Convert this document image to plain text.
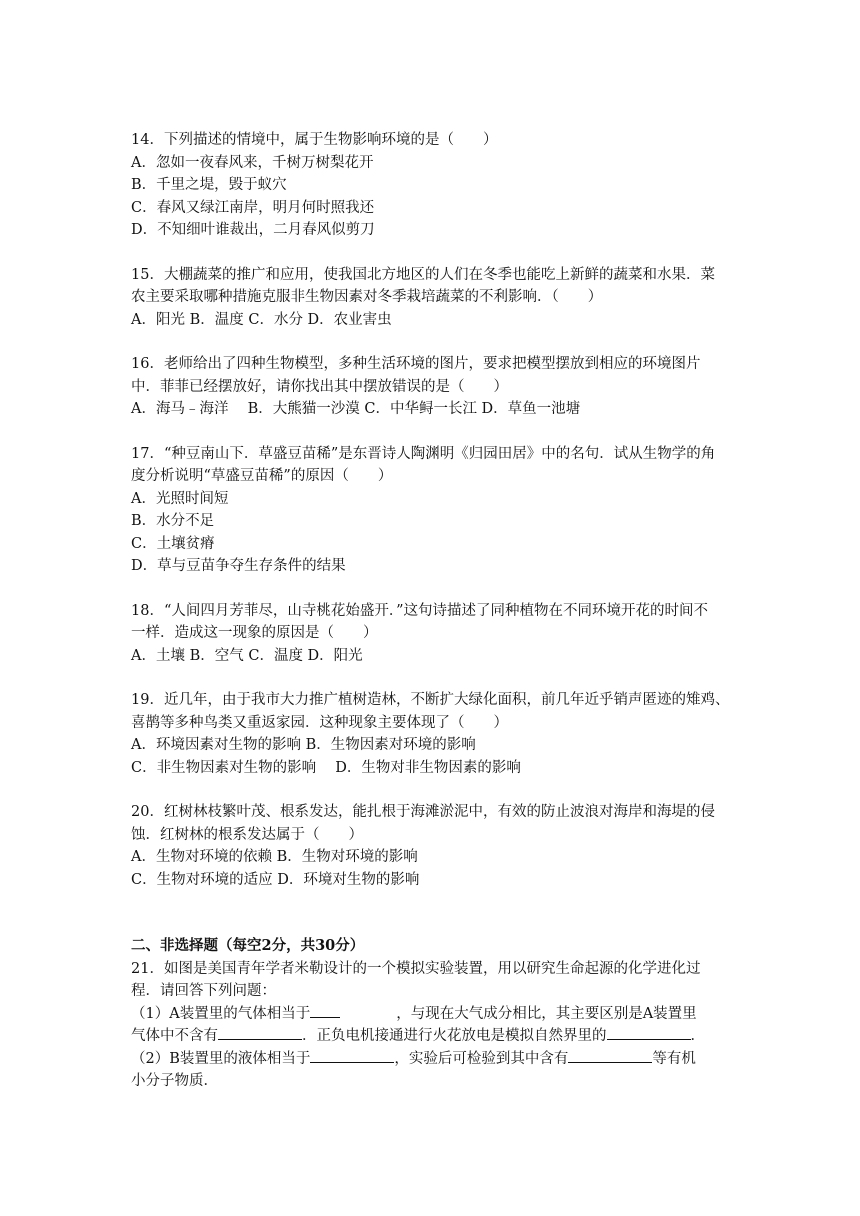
14．下列描述的情境中，属于生物影响环境的是（　　）
A．忽如一夜春风来，千树万树梨花开
B．千里之堤，毁于蚁穴
C．春风又绿江南岸，明月何时照我还
D．不知细叶谁裁出，二月春风似剪刀
15．大棚蔬菜的推广和应用，使我国北方地区的人们在冬季也能吃上新鲜的蔬菜和水果．菜
农主要采取哪种措施克服非生物因素对冬季栽培蔬菜的不利影响．（　　）
A．阳光 B．温度 C．水分 D．农业害虫
16．老师给出了四种生物模型，多种生活环境的图片，要求把模型摆放到相应的环境图片
中．菲菲已经摆放好，请你找出其中摆放错误的是（　　）
A．海马﹣海洋　 B．大熊猫一沙漠 C．中华鲟一长江 D．草鱼一池塘
17．“种豆南山下．草盛豆苗稀”是东晋诗人陶渊明《归园田居》中的名句．试从生物学的角
度分析说明“草盛豆苗稀”的原因（　　）
A．光照时间短
B．水分不足
C．土壤贫瘠
D．草与豆苗争夺生存条件的结果
18．“人间四月芳菲尽，山寺桃花始盛开．”这句诗描述了同种植物在不同环境开花的时间不
一样．造成这一现象的原因是（　　）
A．土壤 B．空气 C．温度 D．阳光
19．近几年，由于我市大力推广植树造林，不断扩大绿化面积，前几年近乎销声匿迹的雉鸡、
喜鹊等多种鸟类又重返家园．这种现象主要体现了（　　）
A．环境因素对生物的影响 B．生物因素对环境的影响
C．非生物因素对生物的影响　 D．生物对非生物因素的影响
20．红树林枝繁叶茂、根系发达，能扎根于海滩淤泥中，有效的防止波浪对海岸和海堤的侵
蚀．红树林的根系发达属于（　　）
A．生物对环境的依赖 B．生物对环境的影响
C．生物对环境的适应 D．环境对生物的影响
二、非选择题（每空2分，共30分）
21．如图是美国青年学者米勒设计的一个模拟实验装置，用以研究生命起源的化学进化过
程．请回答下列问题：
（1）A装置里的气体相当于	，与现在大气成分相比，其主要区别是A装置里
气体中不含有	．正负电机接通进行火花放电是模拟自然界里的	．
（2）B装置里的液体相当于	，实验后可检验到其中含有	等有机
小分子物质．
